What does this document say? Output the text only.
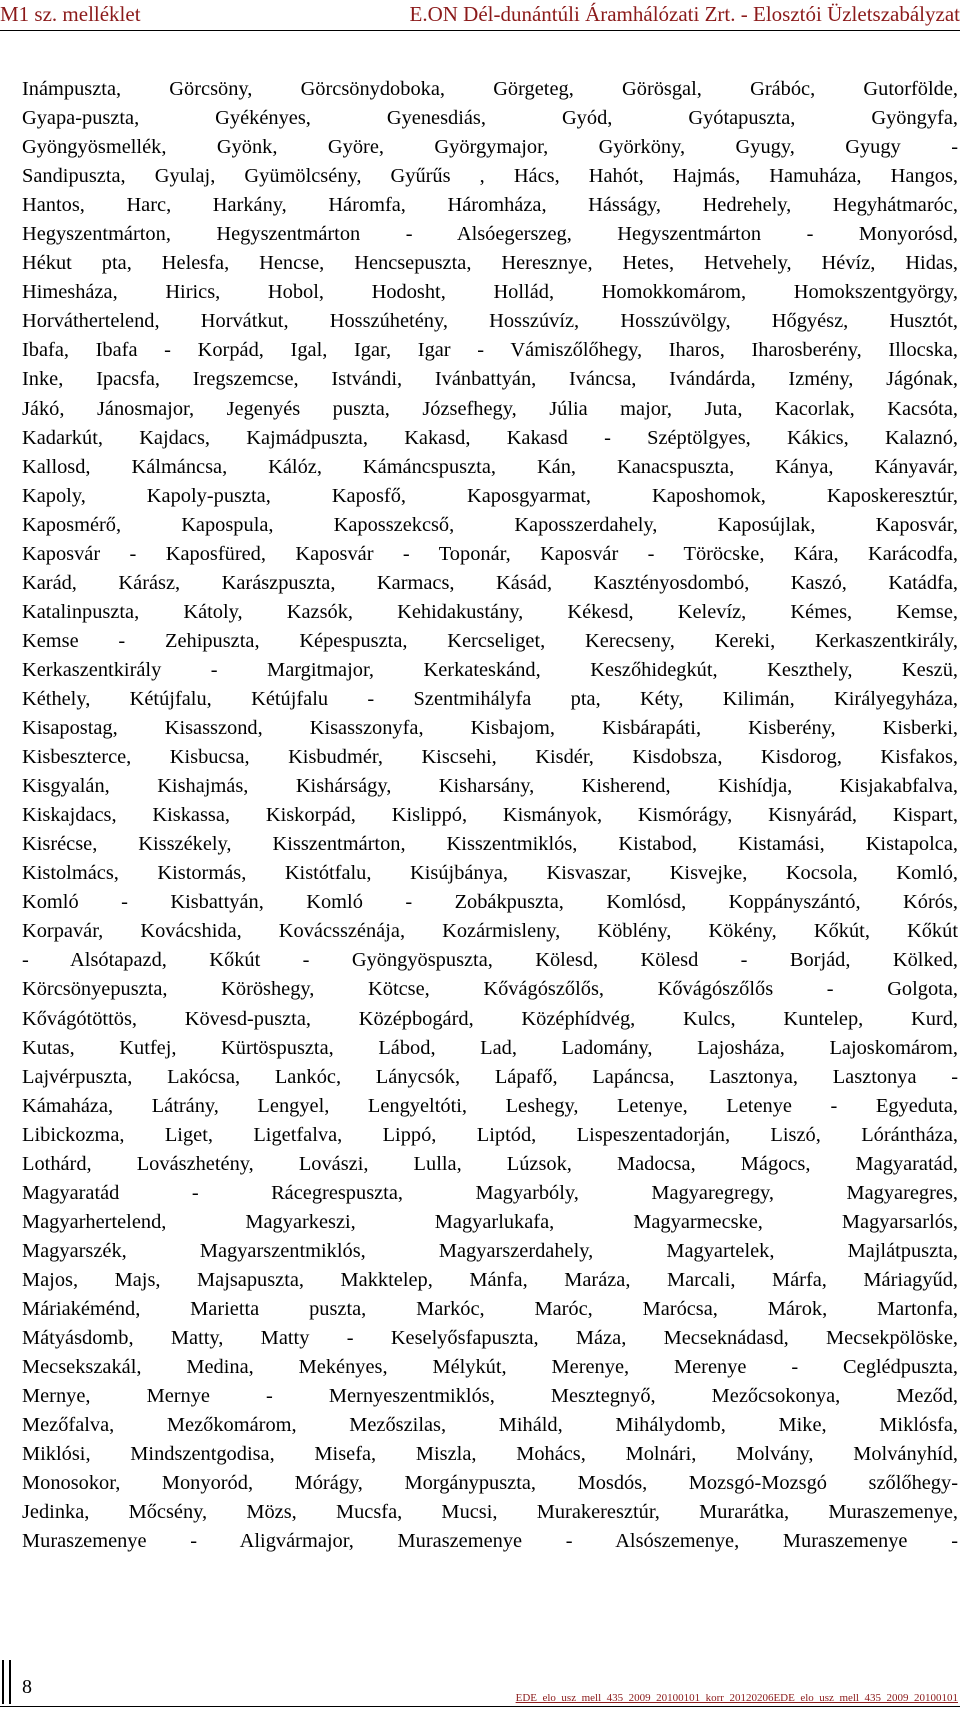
M1 sz. melléklet	E.ON Dél-dunántúli Áramhálózati Zrt. - Elosztói Üzletszabályzat
Inámpuszta, Görcsöny, Görcsönydoboka, Görgeteg, Görösgal, Grábóc, Gutorfölde,
Gyapa-puszta, Gyékényes, Gyenesdiás, Gyód, Gyótapuszta, Gyöngyfa,
Gyöngyösmellék, Gyönk, Györe, Györgymajor, Györköny, Gyugy, Gyugy -
Sandipuszta, Gyulaj, Gyümölcsény, Gyűrűs , Hács, Hahót, Hajmás, Hamuháza, Hangos,
Hantos, Harc, Harkány, Háromfa, Háromháza, Hásságy, Hedrehely, Hegyhátmaróc,
Hegyszentmárton, Hegyszentmárton - Alsóegerszeg, Hegyszentmárton - Monyorósd,
Hékut pta, Helesfa, Hencse, Hencsepuszta, Heresznye, Hetes, Hetvehely, Hévíz, Hidas,
Himesháza, Hirics, Hobol, Hodosht, Hollád, Homokkomárom, Homokszentgyörgy,
Horváthertelend, Horvátkut, Hosszúhetény, Hosszúvíz, Hosszúvölgy, Hőgyész, Husztót,
Ibafa, Ibafa - Korpád, Igal, Igar, Igar - Vámiszőlőhegy, Iharos, Iharosberény, Illocska,
Inke, Ipacsfa, Iregszemcse, Istvándi, Ivánbattyán, Iváncsa, Ivándárda, Izmény, Jágónak,
Jákó, Jánosmajor, Jegenyés puszta, Józsefhegy, Júlia major, Juta, Kacorlak, Kacsóta,
Kadarkút, Kajdacs, Kajmádpuszta, Kakasd, Kakasd - Széptölgyes, Kákics, Kalaznó,
Kallosd, Kálmáncsa, Kálóz, Kámáncspuszta, Kán, Kanacspuszta, Kánya, Kányavár,
Kapoly, Kapoly-puszta, Kaposfő, Kaposgyarmat, Kaposhomok, Kaposkeresztúr,
Kaposmérő, Kapospula, Kaposszekcső, Kaposszerdahely, Kaposújlak, Kaposvár,
Kaposvár - Kaposfüred, Kaposvár - Toponár, Kaposvár - Töröcske, Kára, Karácodfa,
Karád, Kárász, Karászpuszta, Karmacs, Kásád, Kasztényosdombó, Kaszó, Katádfa,
Katalinpuszta, Kátoly, Kazsók, Kehidakustány, Kékesd, Kelevíz, Kémes, Kemse,
Kemse - Zehipuszta, Képespuszta, Kercseliget, Kerecseny, Kereki, Kerkaszentkirály,
Kerkaszentkirály - Margitmajor, Kerkateskánd, Keszőhidegkút, Keszthely, Keszü,
Kéthely, Kétújfalu, Kétújfalu - Szentmihályfa pta, Kéty, Kilimán, Királyegyháza,
Kisapostag, Kisasszond, Kisasszonyfa, Kisbajom, Kisbárapáti, Kisberény, Kisberki,
Kisbeszterce, Kisbucsa, Kisbudmér, Kiscsehi, Kisdér, Kisdobsza, Kisdorog, Kisfakos,
Kisgyalán, Kishajmás, Kishárságy, Kisharsány, Kisherend, Kishídja, Kisjakabfalva,
Kiskajdacs, Kiskassa, Kiskorpád, Kislippó, Kismányok, Kismórágy, Kisnyárád, Kispart,
Kisrécse, Kisszékely, Kisszentmárton, Kisszentmiklós, Kistabod, Kistamási, Kistapolca,
Kistolmács, Kistormás, Kistótfalu, Kisújbánya, Kisvaszar, Kisvejke, Kocsola, Komló,
Komló - Kisbattyán, Komló - Zobákpuszta, Komlósd, Koppányszántó, Kórós,
Korpavár, Kovácshida, Kovácsszénája, Kozármisleny, Köblény, Kökény, Kőkút, Kőkút
- Alsótapazd, Kőkút - Gyöngyöspuszta, Kölesd, Kölesd - Borjád, Kölked,
Körcsönyepuszta, Köröshegy, Kötcse, Kővágószőlős, Kővágószőlős - Golgota,
Kővágótöttös, Kövesd-puszta, Középbogárd, Középhídvég, Kulcs, Kuntelep, Kurd,
Kutas, Kutfej, Kürtöspuszta, Lábod, Lad, Ladomány, Lajosháza, Lajoskomárom,
Lajvérpuszta, Lakócsa, Lankóc, Lánycsók, Lápafő, Lapáncsa, Lasztonya, Lasztonya -
Kámaháza, Látrány, Lengyel, Lengyeltóti, Leshegy, Letenye, Letenye - Egyeduta,
Libickozma, Liget, Ligetfalva, Lippó, Liptód, Lispeszentadorján, Liszó, Lórántháza,
Lothárd, Lovászhetény, Lovászi, Lulla, Lúzsok, Madocsa, Mágocs, Magyaratád,
Magyaratád - Rácegrespuszta, Magyarbóly, Magyaregregy, Magyaregres,
Magyarhertelend, Magyarkeszi, Magyarlukafa, Magyarmecske, Magyarsarlós,
Magyarszék, Magyarszentmiklós, Magyarszerdahely, Magyartelek, Majlátpuszta,
Majos, Majs, Majsapuszta, Makktelep, Mánfa, Maráza, Marcali, Márfa, Máriagyűd,
Máriakéménd, Marietta puszta, Markóc, Maróc, Marócsa, Márok, Martonfa,
Mátyásdomb, Matty, Matty - Keselyősfapuszta, Máza, Mecseknádasd, Mecsekpölöske,
Mecsekszakál, Medina, Mekényes, Mélykút, Merenye, Merenye - Ceglédpuszta,
Mernye, Mernye - Mernyeszentmiklós, Mesztegnyő, Mezőcsokonya, Meződ,
Mezőfalva, Mezőkomárom, Mezőszilas, Miháld, Mihálydomb, Mike, Miklósfa,
Miklósi, Mindszentgodisa, Misefa, Miszla, Mohács, Molnári, Molvány, Molványhíd,
Monosokor, Monyoród, Mórágy, Morgánypuszta, Mosdós, Mozsgó-Mozsgó szőlőhegy-
Jedinka, Mőcsény, Mözs, Mucsfa, Mucsi, Murakeresztúr, Murarátka, Muraszemenye,
Muraszemenye - Aligvármajor, Muraszemenye - Alsószemenye, Muraszemenye -
8	EDE_elo_usz_mell_435_2009_20100101_korr_20120206EDE_elo_usz_mell_435_2009_20100101
